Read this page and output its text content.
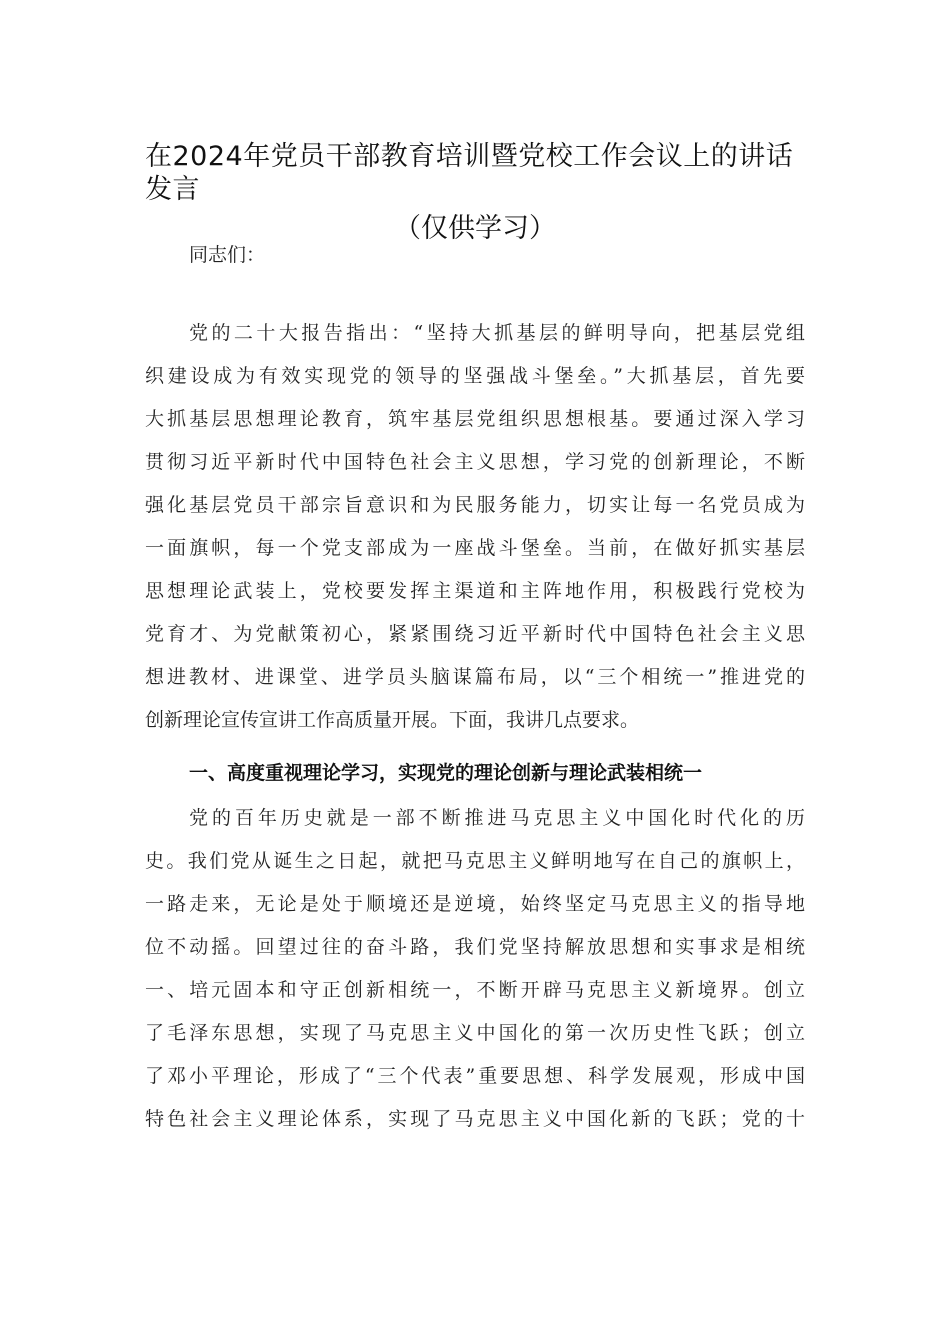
在2024年党员干部教育培训暨党校工作会议上的讲话发言
（仅供学习）
同志们：
党的二十大报告指出：“坚持大抓基层的鲜明导向，把基层党组
织建设成为有效实现党的领导的坚强战斗堡垒。”大抓基层，首先要
大抓基层思想理论教育，筑牢基层党组织思想根基。要通过深入学习
贯彻习近平新时代中国特色社会主义思想，学习党的创新理论，不断
强化基层党员干部宗旨意识和为民服务能力，切实让每一名党员成为
一面旗帜，每一个党支部成为一座战斗堡垒。当前，在做好抓实基层
思想理论武装上，党校要发挥主渠道和主阵地作用，积极践行党校为
党育才、为党献策初心，紧紧围绕习近平新时代中国特色社会主义思
想进教材、进课堂、进学员头脑谋篇布局，以“三个相统一”推进党的
创新理论宣传宣讲工作高质量开展。下面，我讲几点要求。
一、高度重视理论学习，实现党的理论创新与理论武装相统一
党的百年历史就是一部不断推进马克思主义中国化时代化的历
史。我们党从诞生之日起，就把马克思主义鲜明地写在自己的旗帜上，
一路走来，无论是处于顺境还是逆境，始终坚定马克思主义的指导地
位不动摇。回望过往的奋斗路，我们党坚持解放思想和实事求是相统
一、培元固本和守正创新相统一，不断开辟马克思主义新境界。创立
了毛泽东思想，实现了马克思主义中国化的第一次历史性飞跃；创立
了邓小平理论，形成了“三个代表”重要思想、科学发展观，形成中国
特色社会主义理论体系，实现了马克思主义中国化新的飞跃；党的十
